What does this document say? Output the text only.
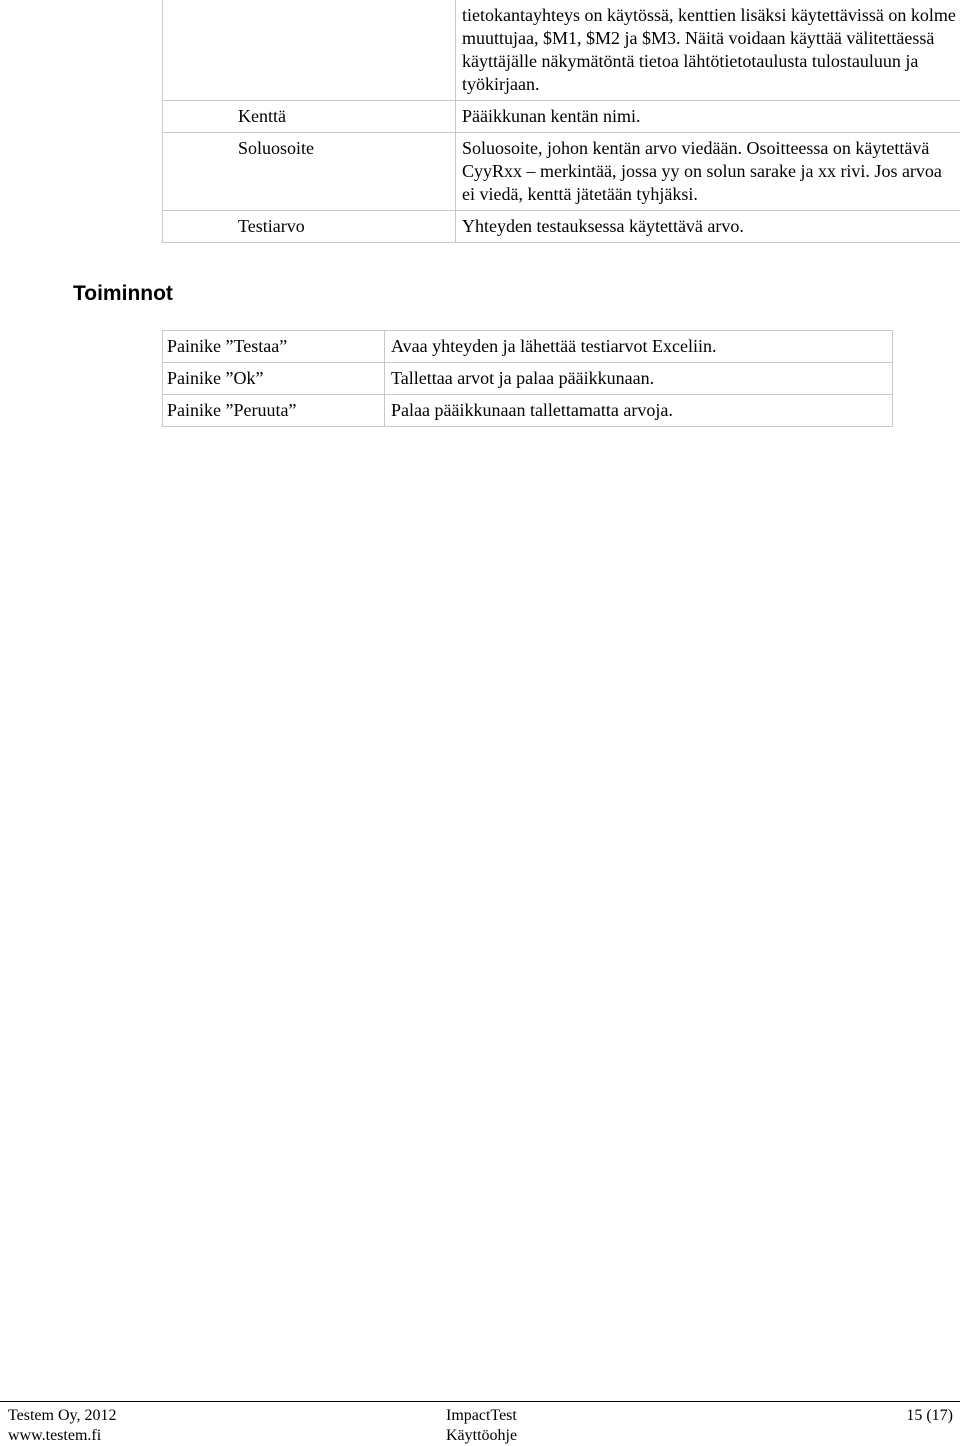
	tietokantayhteys on käytössä, kenttien lisäksi käytettävissä on kolme muuttujaa, $M1, $M2 ja $M3. Näitä voidaan käyttää välitettäessä käyttäjälle näkymätöntä tietoa lähtötietotaulusta tulostauluun ja työkirjaan.
Kenttä	Pääikkunan kentän nimi.
Soluosoite	Soluosoite, johon kentän arvo viedään. Osoitteessa on käytettävä CyyRxx – merkintää, jossa yy on solun sarake ja xx rivi. Jos arvoa ei viedä, kenttä jätetään tyhjäksi.
Testiarvo	Yhteyden testauksessa käytettävä arvo.
Toiminnot
Painike ”Testaa”	Avaa yhteyden ja lähettää testiarvot Exceliin.
Painike ”Ok”	Tallettaa arvot ja palaa pääikkunaan.
Painike ”Peruuta”	Palaa pääikkunaan tallettamatta arvoja.
Testem Oy, 2012
www.testem.fi
ImpactTest
Käyttöohje
15 (17)
